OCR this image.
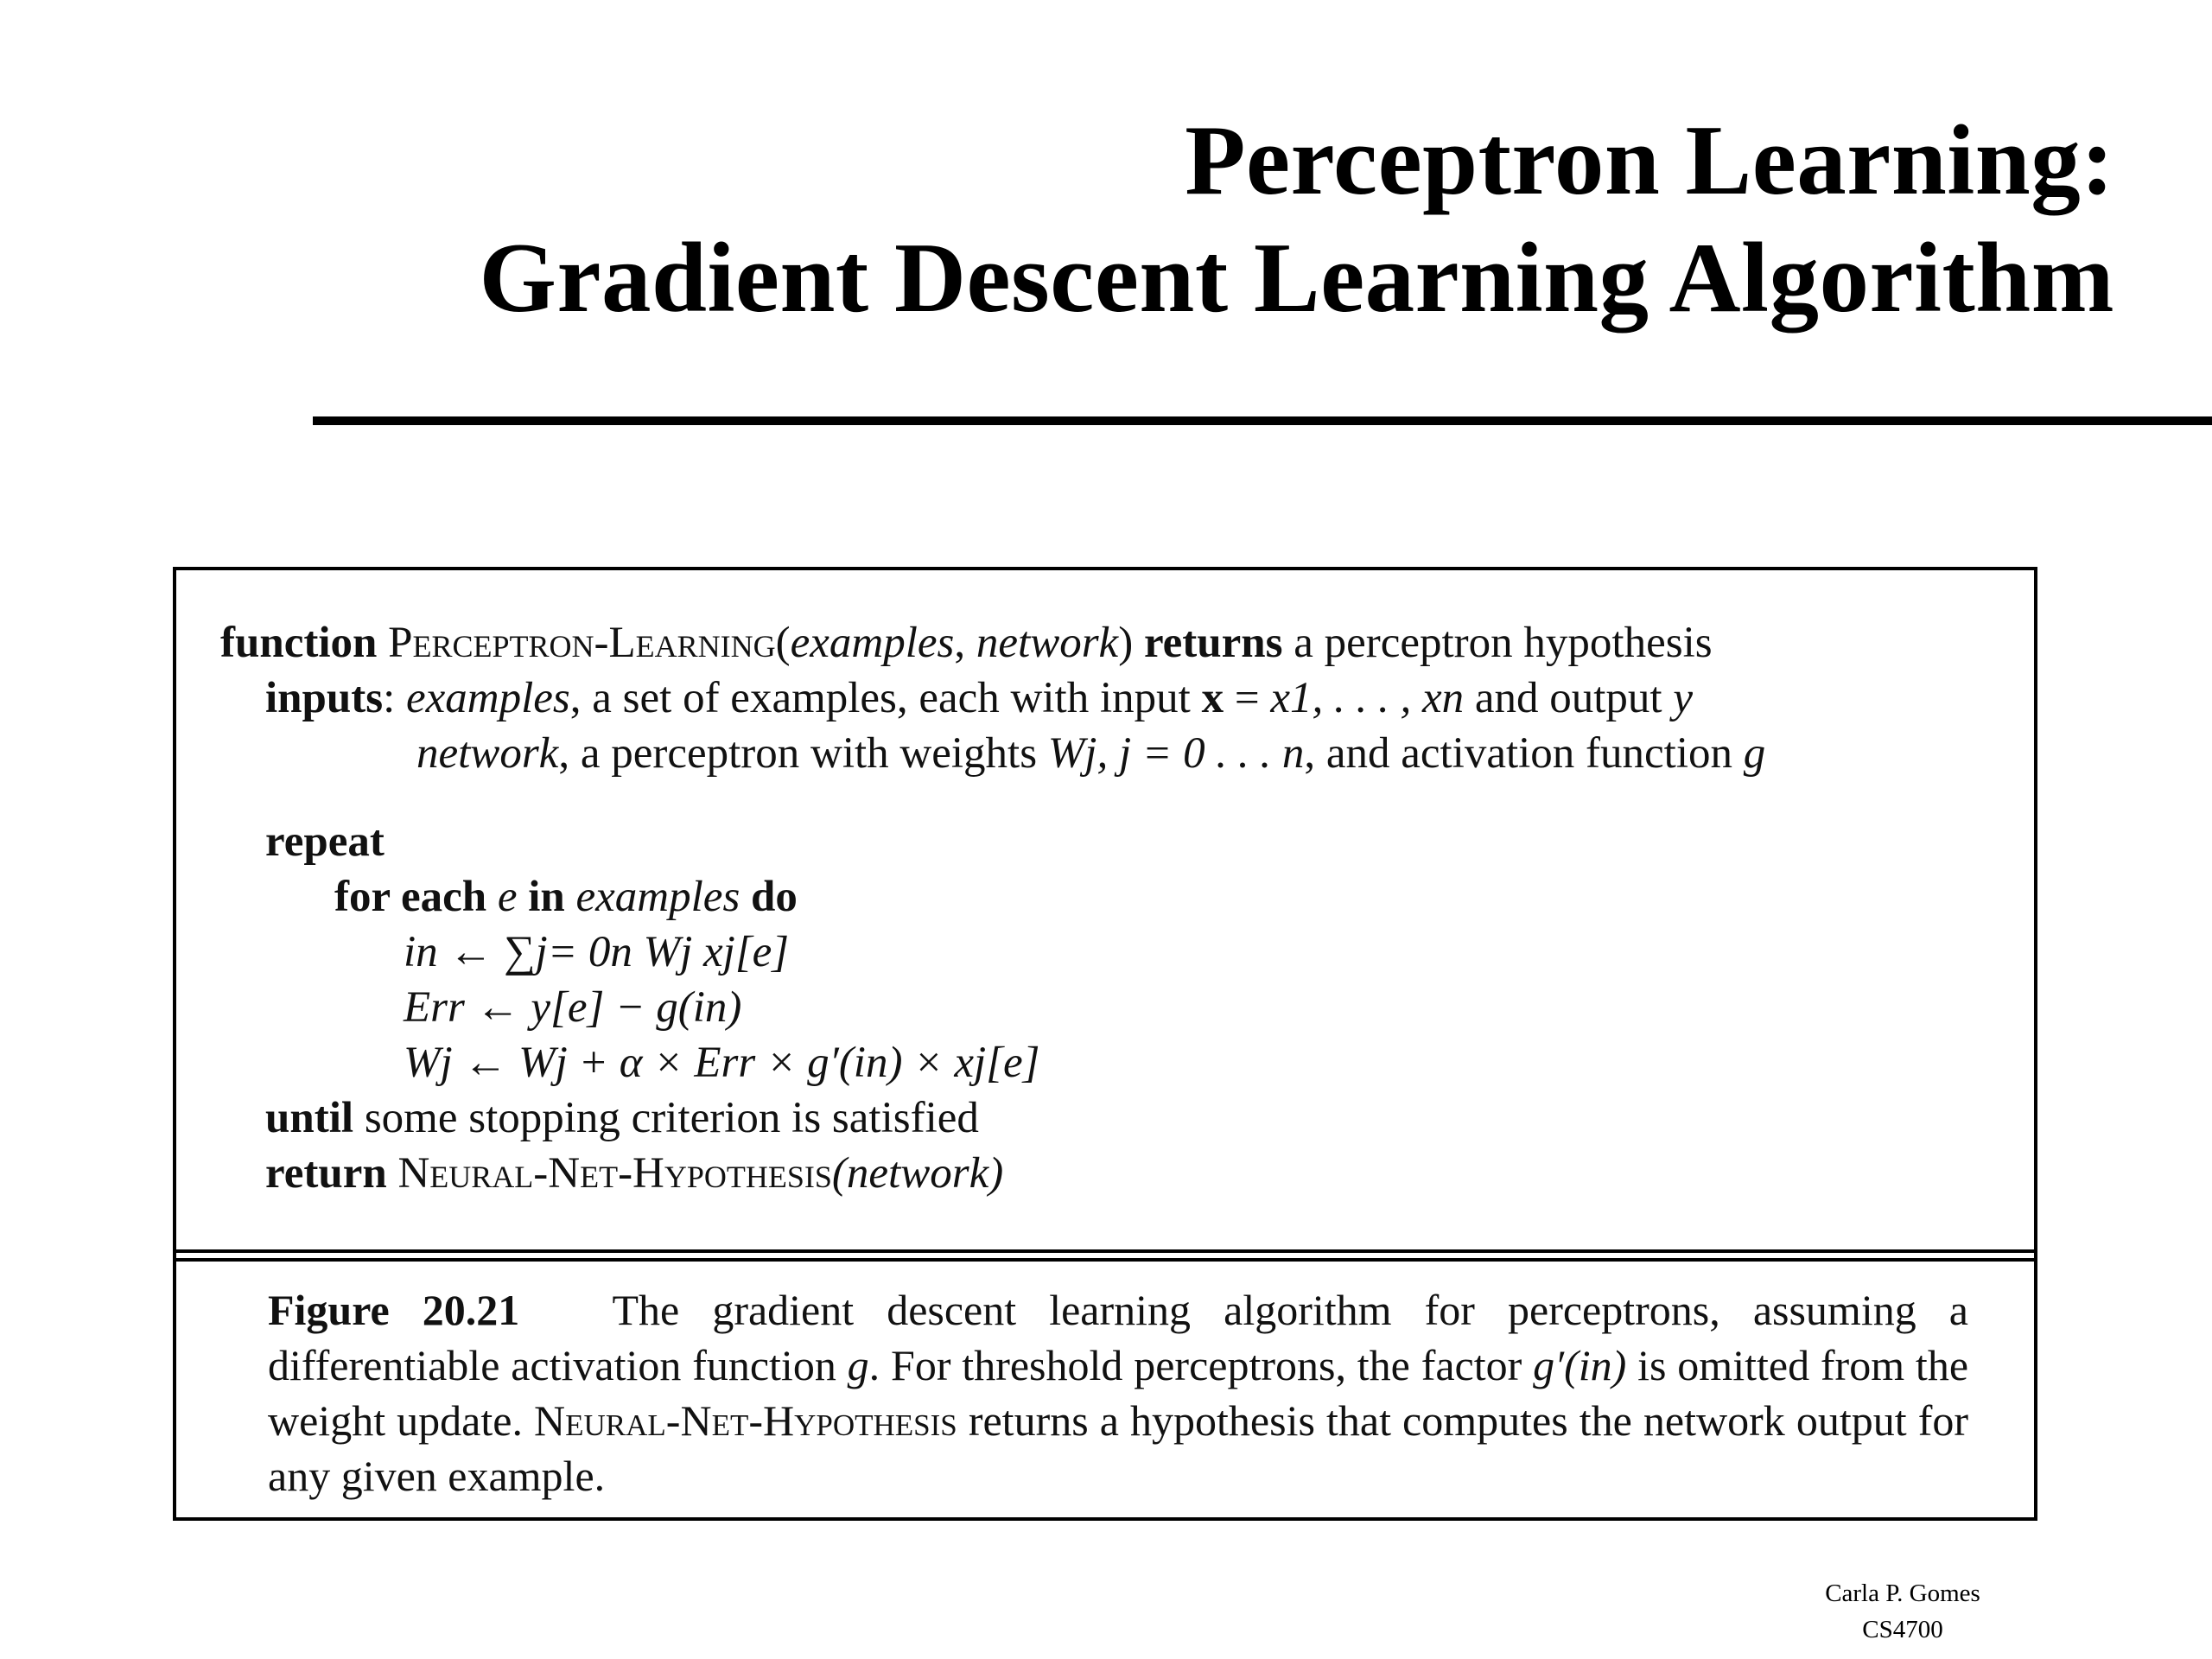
Perceptron Learning:
Gradient Descent Learning Algorithm
function Perceptron-Learning(examples, network) returns a perceptron hypothesis
inputs: examples, a set of examples, each with input x = x1, . . . , xn and output y
network, a perceptron with weights Wj, j = 0 . . . n, and activation function g
repeat
for each e in examples do
in ← ∑j= 0n Wj xj[e]
Err ← y[e] − g(in)
Wj ← Wj + α × Err × g′(in) × xj[e]
until some stopping criterion is satisfied
return Neural-Net-Hypothesis(network)
Figure 20.21 The gradient descent learning algorithm for perceptrons, assuming a differentiable activation function g. For threshold perceptrons, the factor g′(in) is omitted from the weight update. Neural-Net-Hypothesis returns a hypothesis that computes the network output for any given example.
Carla P. Gomes
CS4700
